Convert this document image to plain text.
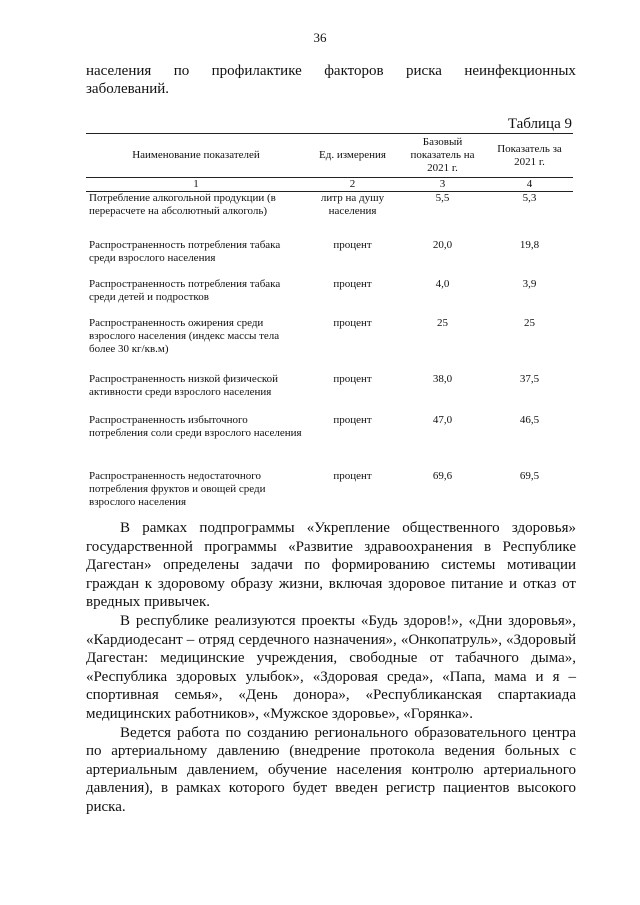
36
населения по профилактике факторов риска неинфекционных
заболеваний.
Таблица 9
Наименование показателей	Ед. измерения	Базовый показатель на 2021 г.	Показатель за 2021 г.
1	2	3	4
Потребление алкогольной продукции (в перерасчете на абсолютный алкоголь)	литр на душу населения	5,5	5,3
Распространенность потребления табака среди взрослого населения	процент	20,0	19,8
Распространенность потребления табака среди детей и подростков	процент	4,0	3,9
Распространенность ожирения среди взрослого населения (индекс массы тела более 30 кг/кв.м)	процент	25	25
Распространенность низкой физической активности среди взрослого населения	процент	38,0	37,5
Распространенность избыточного потребления соли среди взрослого населения	процент	47,0	46,5
Распространенность недостаточного потребления фруктов и овощей среди взрослого населения	процент	69,6	69,5

В рамках подпрограммы «Укрепление общественного здоровья» государственной программы «Развитие здравоохранения в Республике Дагестан» определены задачи по формированию системы мотивации граждан к здоровому образу жизни, включая здоровое питание и отказ от вредных привычек.

В республике реализуются проекты «Будь здоров!», «Дни здоровья», «Кардиодесант – отряд сердечного назначения», «Онкопатруль», «Здоровый Дагестан: медицинские учреждения, свободные от табачного дыма», «Республика здоровых улыбок», «Здоровая среда», «Папа, мама и я – спортивная семья», «День донора», «Республиканская спартакиада медицинских работников», «Мужское здоровье», «Горянка».

Ведется работа по созданию регионального образовательного центра по артериальному давлению (внедрение протокола ведения больных с артериальным давлением, обучение населения контролю артериального давления), в рамках которого будет введен регистр пациентов высокого риска.
